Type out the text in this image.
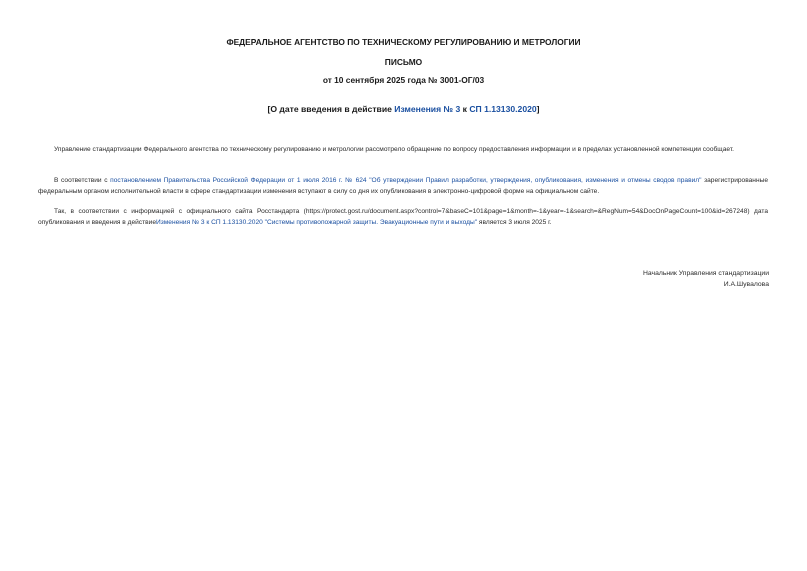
ФЕДЕРАЛЬНОЕ АГЕНТСТВО ПО ТЕХНИЧЕСКОМУ РЕГУЛИРОВАНИЮ И МЕТРОЛОГИИ
ПИСЬМО
от 10 сентября 2025 года № 3001-ОГ/03
[О дате введения в действие Изменения № 3 к СП 1.13130.2020]
Управление стандартизации Федерального агентства по техническому регулированию и метрологии рассмотрело обращение по вопросу предоставления информации и в пределах установленной компетенции сообщает.
В соответствии с постановлением Правительства Российской Федерации от 1 июля 2016 г. № 624 "Об утверждении Правил разработки, утверждения, опубликования, изменения и отмены сводов правил" зарегистрированные федеральным органом исполнительной власти в сфере стандартизации изменения вступают в силу со дня их опубликования в электронно-цифровой форме на официальном сайте.
Так, в соответствии с информацией с официального сайта Росстандарта (https://protect.gost.ru/document.aspx?control=7&baseC=101&page=1&month=-1&year=-1&search=&RegNum=54&DocOnPageCount=100&id=267248) дата опубликования и введения в действиеИзменения № 3 к СП 1.13130.2020 "Системы противопожарной защиты. Эвакуационные пути и выходы" является 3 июля 2025 г.
Начальник Управления стандартизации
И.А.Шувалова
